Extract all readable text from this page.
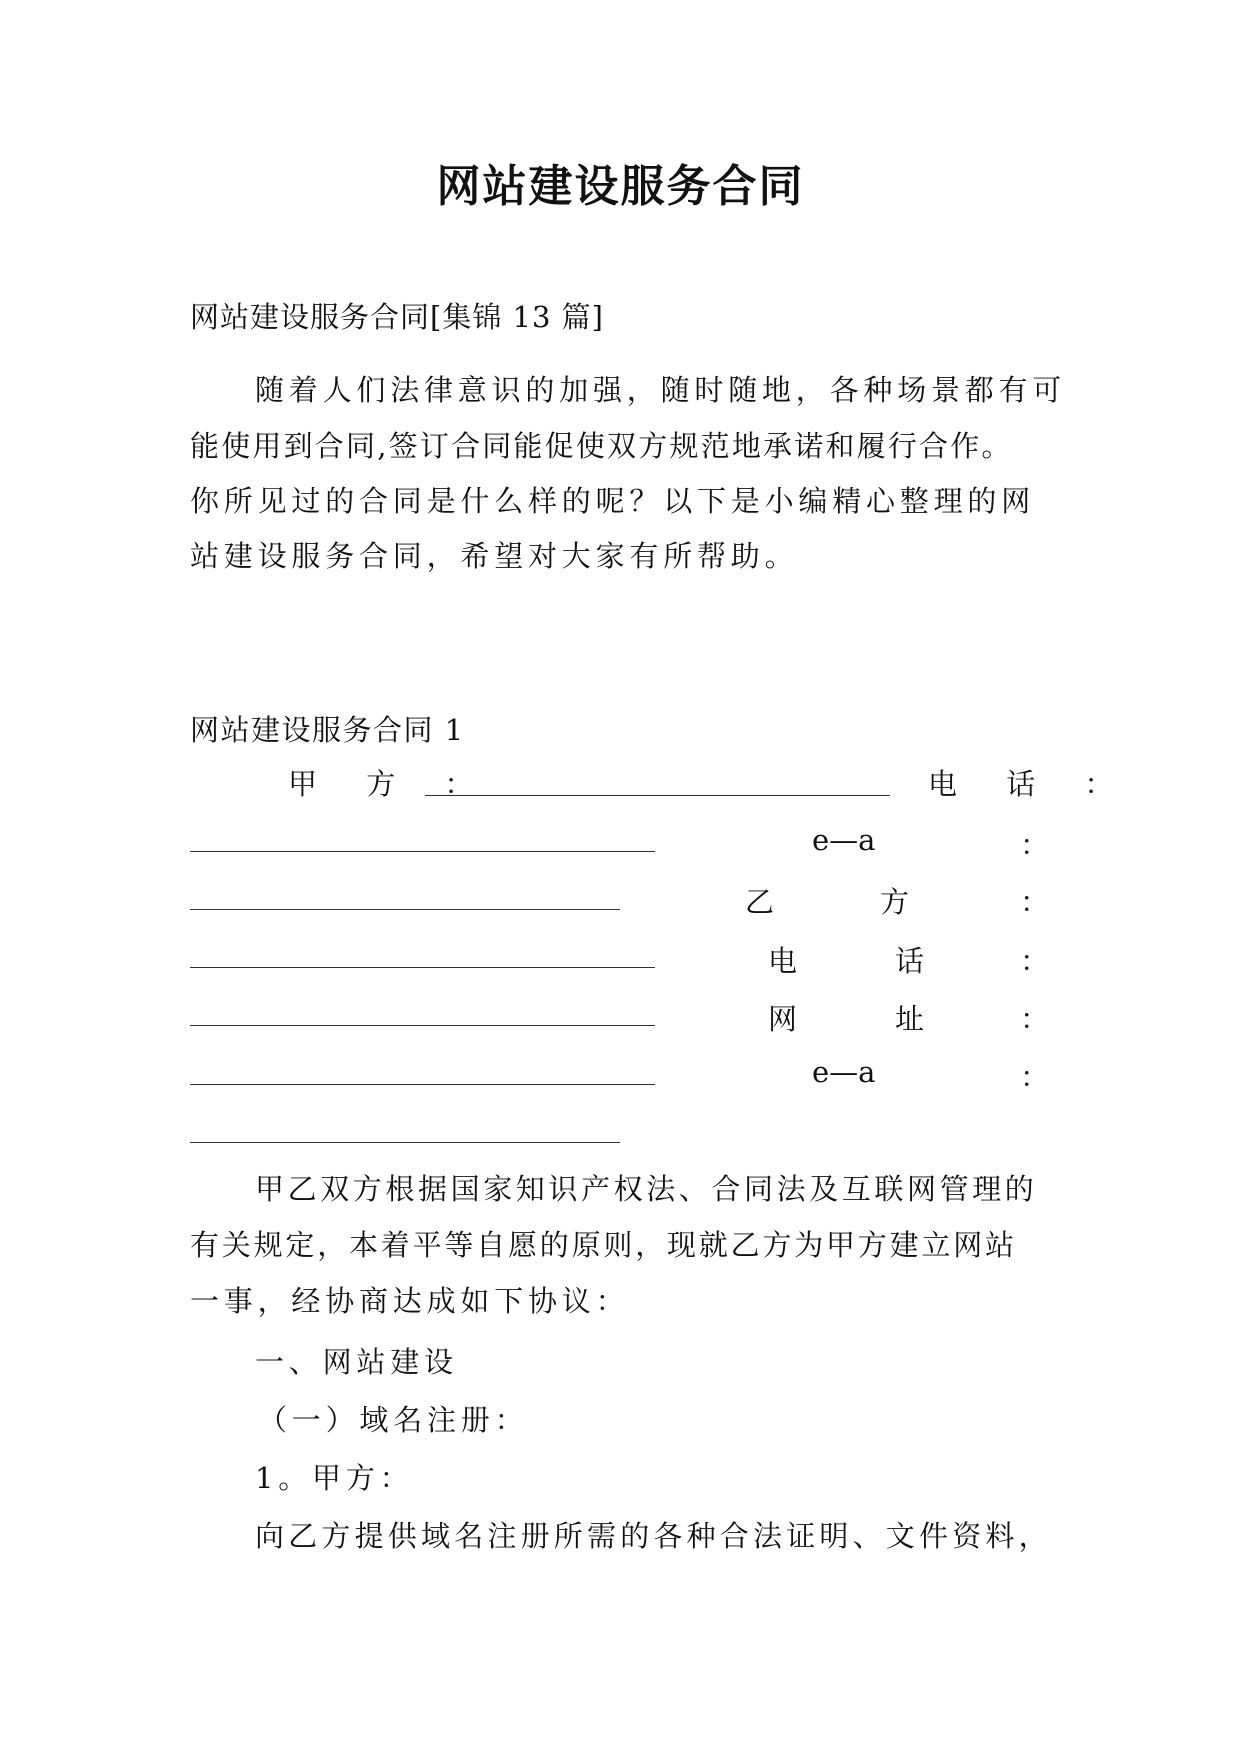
网站建设服务合同
网站建设服务合同[集锦 13 篇]
随着人们法律意识的加强，随时随地，各种场景都有可
能使用到合同,签订合同能促使双方规范地承诺和履行合作。
你所见过的合同是什么样的呢？以下是小编精心整理的网
站建设服务合同，希望对大家有所帮助。
网站建设服务合同 1
甲 方 ：	电 话 ：
e—a	：
乙	方	：
电	话	：
网	址	：
e—a	：
甲乙双方根据国家知识产权法、合同法及互联网管理的
有关规定，本着平等自愿的原则，现就乙方为甲方建立网站
一事，经协商达成如下协议：
一、网站建设
（一）域名注册：
1。甲方：
向乙方提供域名注册所需的各种合法证明、文件资料，
